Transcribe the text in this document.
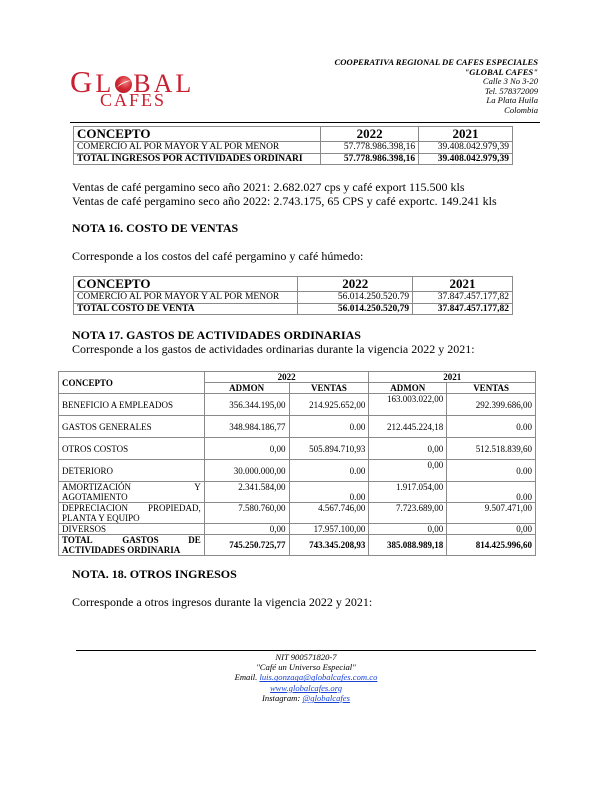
GL BAL
CAFES
COOPERATIVA REGIONAL DE CAFES ESPECIALES
"GLOBAL CAFES"
Calle 3 No 3-20
Tel. 578372009
La Plata Huila
Colombia
CONCEPTO	2022	2021
COMERCIO AL POR MAYOR Y AL POR MENOR	57.778.986.398,16	39.408.042.979,39
TOTAL INGRESOS POR ACTIVIDADES ORDINARI	57.778.986.398,16	39.408.042.979,39
Ventas de café pergamino seco año 2021: 2.682.027 cps y café export 115.500 kls
Ventas de café pergamino seco año 2022: 2.743.175, 65 CPS y café exportc. 149.241 kls
NOTA 16. COSTO DE VENTAS
Corresponde a los costos del café pergamino y café húmedo:
CONCEPTO	2022	2021
COMERCIO AL POR MAYOR Y AL POR MENOR	56.014.250.520.79	37.847.457.177,82
TOTAL COSTO DE VENTA	56.014.250.520,79	37.847.457.177,82
NOTA 17. GASTOS DE ACTIVIDADES ORDINARIAS
Corresponde a los gastos de actividades ordinarias durante la vigencia 2022 y 2021:
CONCEPTO	2022		2021	
	ADMON	VENTAS	ADMON	VENTAS
BENEFICIO A EMPLEADOS	356.344.195,00	214.925.652,00	163.003.022,00	292.399.686,00
GASTOS GENERALES	348.984.186,77	0.00	212.445.224,18	0.00
OTROS COSTOS	0,00	505.894.710,93	0,00	512.518.839,60
DETERIORO	30.000.000,00	0.00	0,00	0.00

AMORTIZACIÓN Y
AGOTAMIENTO	2.341.584,00	0.00	1.917.054,00	0.00

DEPRECIACION PROPIEDAD,
PLANTA Y EQUIPO	7.580.760,00	4.567.746,00	7.723.689,00	9.507.471,00
DIVERSOS	0,00	17.957.100,00	0,00	0,00

TOTAL GASTOS DE
ACTIVIDADES ORDINARIA	745.250.725,77	743.345.208,93	385.088.989,18	814.425.996,60
NOTA. 18. OTROS INGRESOS
Corresponde a otros ingresos durante la vigencia 2022 y 2021:
NIT 900571820-7
"Café un Universo Especial"
Email. luis.gonzaga@globalcafes.com.co
www.globalcafes.org
Instagram: @globalcafes
